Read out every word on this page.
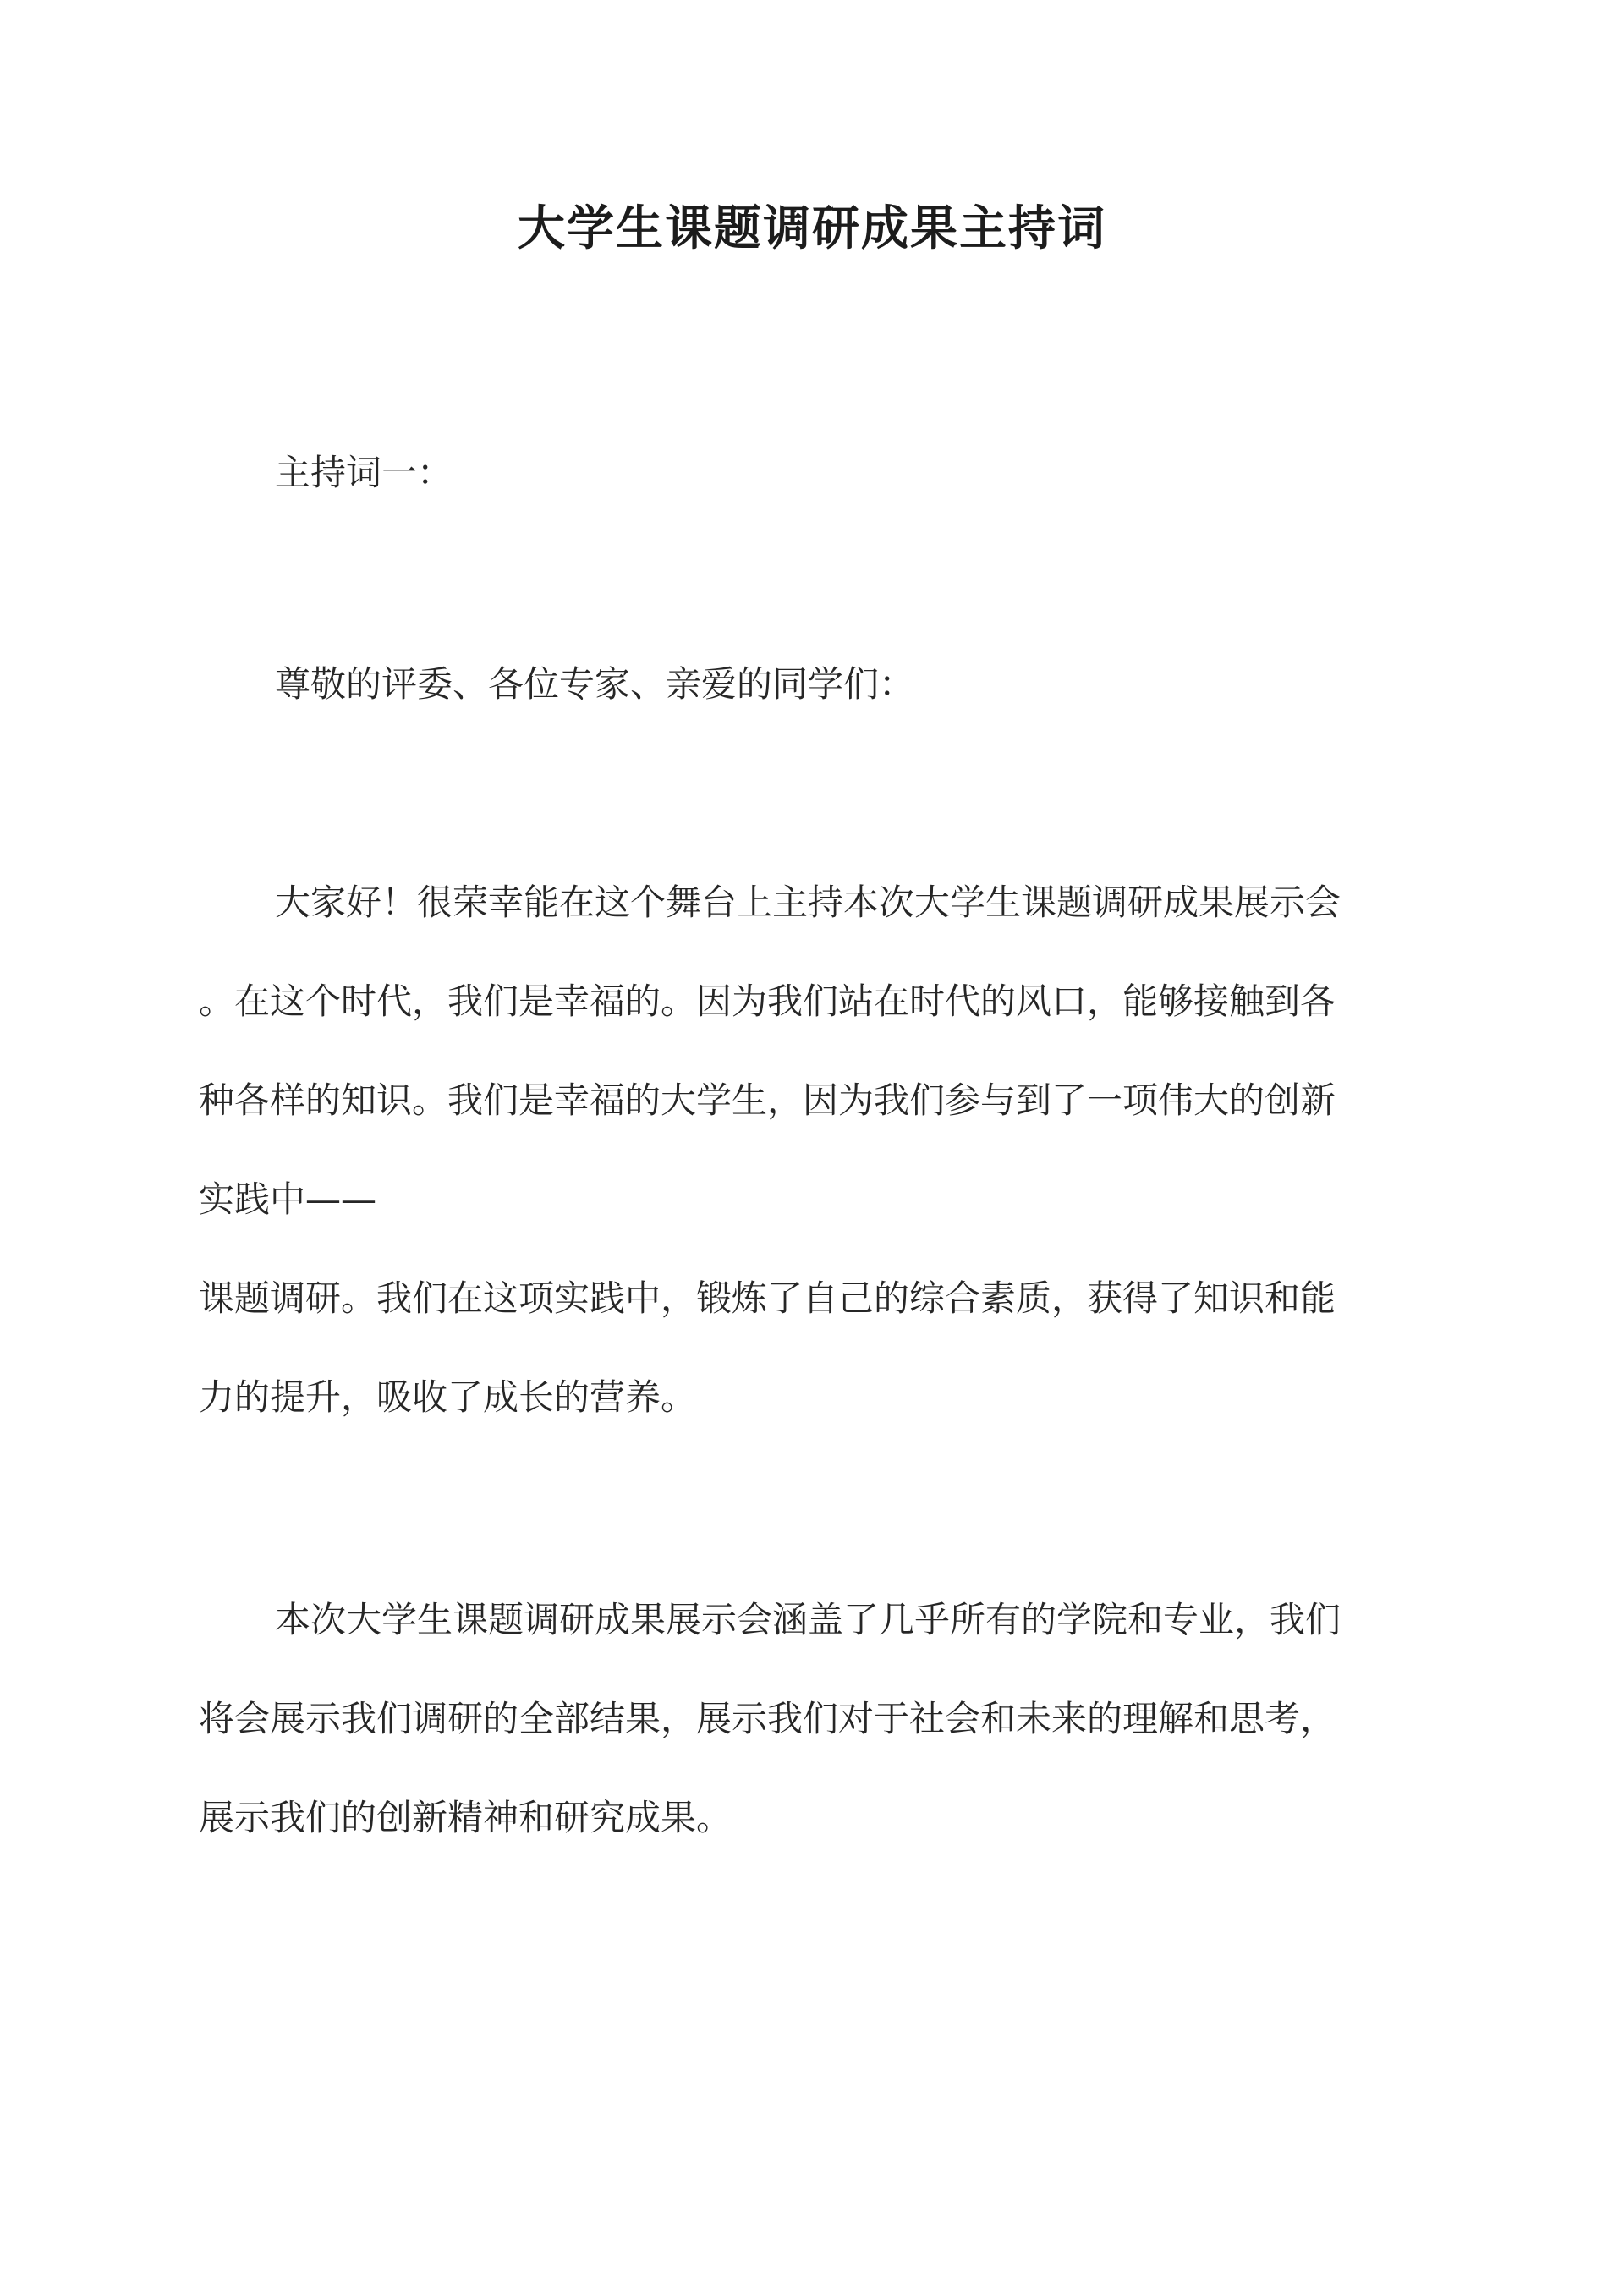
大学生课题调研成果主持词
主持词一：
尊敬的评委、各位专家、亲爱的同学们：
大家好！很荣幸能在这个舞台上主持本次大学生课题调研成果展示会
。在这个时代，我们是幸福的。因为我们站在时代的风口，能够接触到各
种各样的知识。我们是幸福的大学生，因为我们参与到了一项伟大的创新
实践中——
课题调研。我们在这项实践中，锻炼了自己的综合素质，获得了知识和能
力的提升，吸收了成长的营养。
本次大学生课题调研成果展示会涵盖了几乎所有的学院和专业，我们
将会展示我们调研的全部结果，展示我们对于社会和未来的理解和思考，
展示我们的创新精神和研究成果。
